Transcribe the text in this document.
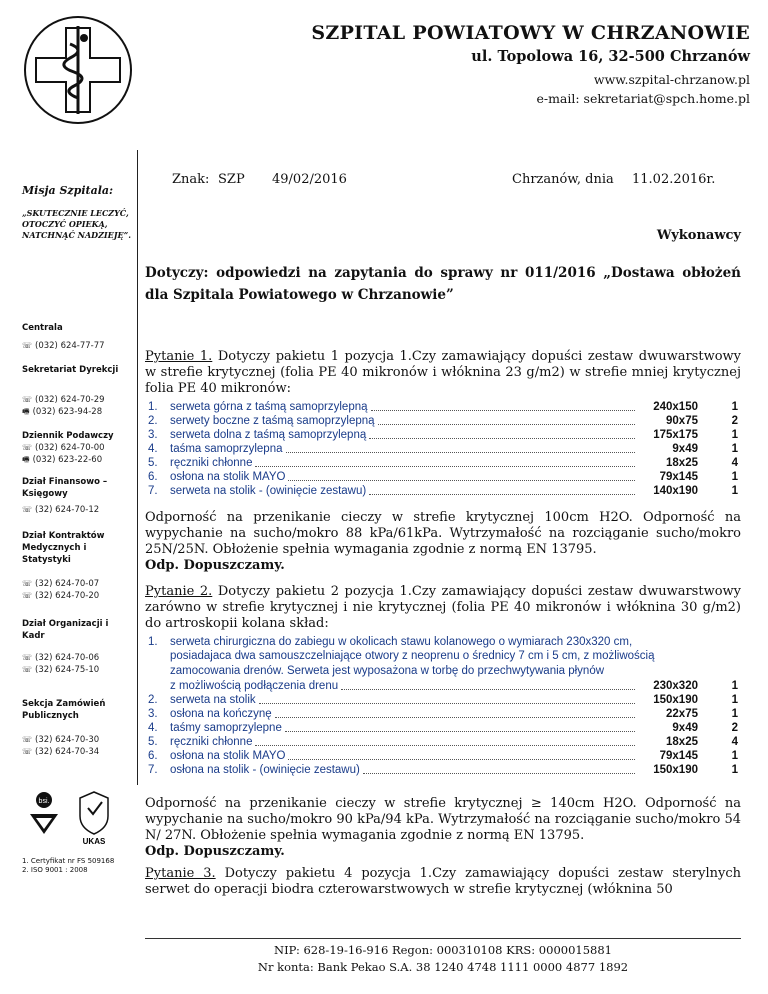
SZPITAL POWIATOWY W CHRZANOWIE
ul. Topolowa 16, 32-500 Chrzanów
www.szpital-chrzanow.pl
e-mail: sekretariat@spch.home.pl
Misja Szpitala:
„SKUTECZNIE LECZYĆ, OTOCZYĆ OPIEKĄ, NATCHNĄĆ NADZIEJĘ”.
Centrala
☏ (032) 624-77-77
Sekretariat Dyrekcji
☏ (032) 624-70-29
🖷 (032) 623-94-28
Dziennik Podawczy
☏ (032) 624-70-00
🖷 (032) 623-22-60
Dział Finansowo – Księgowy
☏ (32) 624-70-12
Dział Kontraktów Medycznych i Statystyki
☏ (32) 624-70-07
☏ (32) 624-70-20
Dział Organizacji i Kadr
☏ (32) 624-70-06
☏ (32) 624-75-10
Sekcja Zamówień Publicznych
☏ (32) 624-70-30
☏ (32) 624-70-34
bsi.
UKAS
1. Certyfikat nr FS 509168
2. ISO 9001 : 2008
Znak: SZP 49/02/2016	Chrzanów, dnia 11.02.2016r.
Wykonawcy
Dotyczy: odpowiedzi na zapytania do sprawy nr 011/2016 „Dostawa obłożeń dla Szpitala Powiatowego w Chrzanowie”
Pytanie 1. Dotyczy pakietu 1 pozycja 1.Czy zamawiający dopuści zestaw dwuwarstwowy w strefie krytycznej (folia PE 40 mikronów i włóknina 23 g/m2) w strefie mniej krytycznej folia PE 40 mikronów:
1.	serweta górna z taśmą samoprzylepną	240x150	1
2.	serwety boczne z taśmą samoprzylepną	90x75	2
3.	serweta dolna z taśmą samoprzylepną	175x175	1
4.	taśma samoprzylepna	9x49	1
5.	ręczniki chłonne	18x25	4
6.	osłona na stolik MAYO	79x145	1
7.	serweta na stolik - (owinięcie zestawu)	140x190	1
Odporność na przenikanie cieczy w strefie krytycznej 100cm H2O. Odporność na wypychanie na sucho/mokro 88 kPa/61kPa. Wytrzymałość na rozciąganie sucho/mokro 25N/25N. Obłożenie spełnia wymagania zgodnie z normą EN 13795.
Odp. Dopuszczamy.
Pytanie 2. Dotyczy pakietu 2 pozycja 1.Czy zamawiający dopuści zestaw dwuwarstwowy zarówno w strefie krytycznej i nie krytycznej (folia PE 40 mikronów i włóknina 30 g/m2) do artroskopii kolana skład:
1.	serweta chirurgiczna do zabiegu w okolicach stawu kolanowego o wymiarach 230x320 cm,
posiadajaca dwa samouszczelniające otwory z neoprenu o średnicy 7 cm i 5 cm, z możliwością
zamocowania drenów. Serweta jest wyposażona w torbę do przechwytywania płynów
z możliwością podłączenia drenu	230x320	1
2.	serweta na stolik	150x190	1
3.	osłona na kończynę	22x75	1
4.	taśmy samoprzylepne	9x49	2
5.	ręczniki chłonne	18x25	4
6.	osłona na stolik MAYO	79x145	1
7.	osłona na stolik - (owinięcie zestawu)	150x190	1
Odporność na przenikanie cieczy w strefie krytycznej ≥ 140cm H2O. Odporność na wypychanie na sucho/mokro 90 kPa/94 kPa. Wytrzymałość na rozciąganie sucho/mokro 54 N/ 27N. Obłożenie spełnia wymagania zgodnie z normą EN 13795.
Odp. Dopuszczamy.
Pytanie 3. Dotyczy pakietu 4 pozycja 1.Czy zamawiający dopuści zestaw sterylnych serwet do operacji biodra czterowarstwowych w strefie krytycznej (włóknina 50
NIP: 628-19-16-916 Regon: 000310108 KRS: 0000015881
Nr konta: Bank Pekao S.A. 38 1240 4748 1111 0000 4877 1892
